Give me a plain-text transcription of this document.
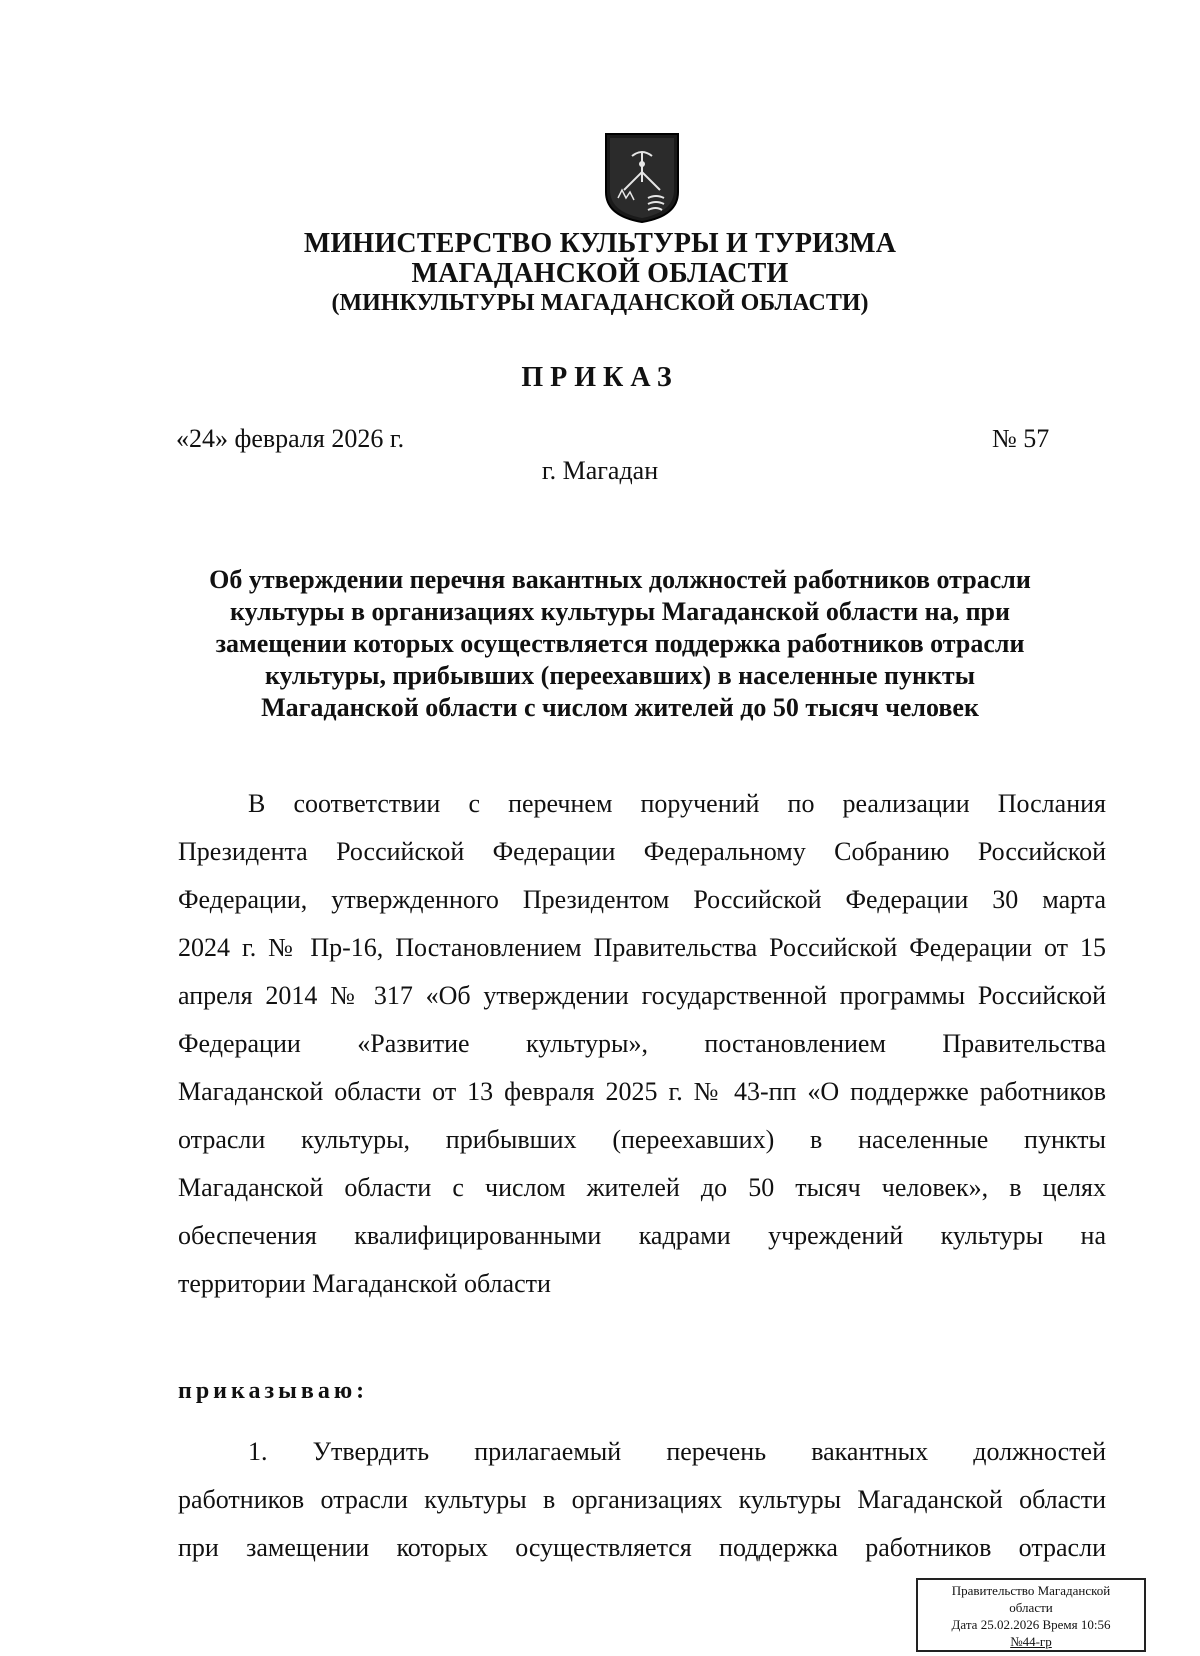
МИНИСТЕРСТВО КУЛЬТУРЫ И ТУРИЗМА
МАГАДАНСКОЙ ОБЛАСТИ
(МИНКУЛЬТУРЫ МАГАДАНСКОЙ ОБЛАСТИ)
ПРИКАЗ
«24» февраля 2026 г.	№ 57
г. Магадан
Об утверждении перечня вакантных должностей работников отрасли
культуры в организациях культуры Магаданской области на, при
замещении которых осуществляется поддержка работников отрасли
культуры, прибывших (переехавших) в населенные пункты
Магаданской области с числом жителей до 50 тысяч человек
В соответствии с перечнем поручений по реализации Послания
Президента Российской Федерации Федеральному Собранию Российской
Федерации, утвержденного Президентом Российской Федерации 30 марта
2024 г. № Пр-16, Постановлением Правительства Российской Федерации от 15
апреля 2014 № 317 «Об утверждении государственной программы Российской
Федерации «Развитие культуры», постановлением Правительства
Магаданской области от 13 февраля 2025 г. № 43-пп «О поддержке работников
отрасли культуры, прибывших (переехавших) в населенные пункты
Магаданской области с числом жителей до 50 тысяч человек», в целях
обеспечения квалифицированными кадрами учреждений культуры на
территории Магаданской области
приказываю:
1. Утвердить прилагаемый перечень вакантных должностей
работников отрасли культуры в организациях культуры Магаданской области
при замещении которых осуществляется поддержка работников отрасли
Правительство Магаданской
области
Дата 25.02.2026 Время 10:56
№44-гр
